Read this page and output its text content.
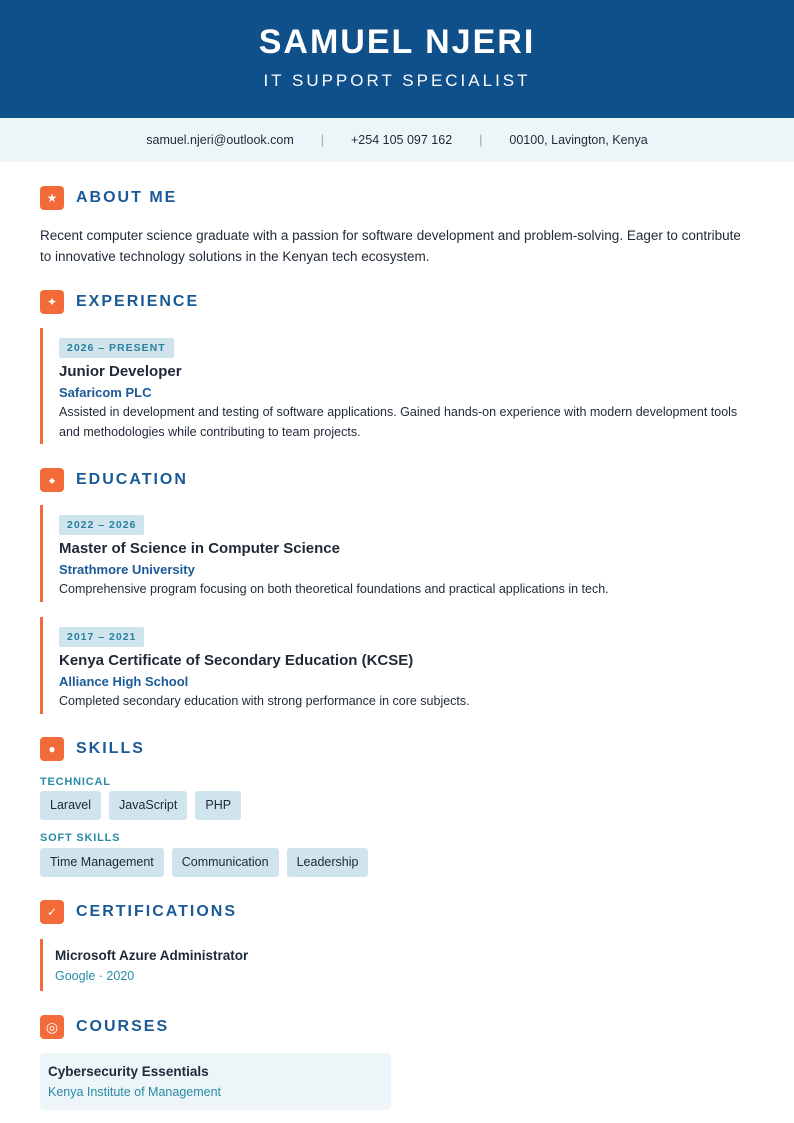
SAMUEL NJERI
IT SUPPORT SPECIALIST
samuel.njeri@outlook.com | +254 105 097 162 | 00100, Lavington, Kenya
★	ABOUT ME
Recent computer science graduate with a passion for software development and problem-solving. Eager to contribute to innovative technology solutions in the Kenyan tech ecosystem.
✦	EXPERIENCE
2026 – PRESENT
Junior Developer
Safaricom PLC
Assisted in development and testing of software applications. Gained hands-on experience with modern development tools and methodologies while contributing to team projects.
◆	EDUCATION
2022 – 2026
Master of Science in Computer Science
Strathmore University
Comprehensive program focusing on both theoretical foundations and practical applications in tech.
2017 – 2021
Kenya Certificate of Secondary Education (KCSE)
Alliance High School
Completed secondary education with strong performance in core subjects.
●	SKILLS
TECHNICAL
Laravel	JavaScript	PHP
SOFT SKILLS
Time Management	Communication	Leadership
✓	CERTIFICATIONS
Microsoft Azure Administrator
Google · 2020
◎	COURSES
Cybersecurity Essentials
Kenya Institute of Management
